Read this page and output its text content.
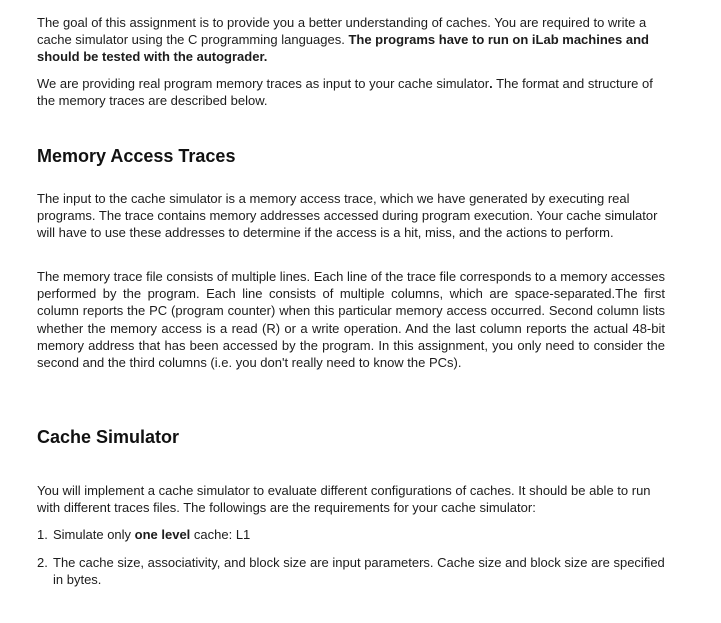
The goal of this assignment is to provide you a better understanding of caches. You are required to write a cache simulator using the C programming languages. The programs have to run on iLab machines and should be tested with the autograder.

We are providing real program memory traces as input to your cache simulator. The format and structure of the memory traces are described below.

Memory Access Traces

The input to the cache simulator is a memory access trace, which we have generated by executing real programs. The trace contains memory addresses accessed during program execution. Your cache simulator will have to use these addresses to determine if the access is a hit, miss, and the actions to perform.

The memory trace file consists of multiple lines. Each line of the trace file corresponds to a memory accesses performed by the program. Each line consists of multiple columns, which are space-separated.The first column reports the PC (program counter) when this particular memory access occurred. Second column lists whether the memory access is a read (R) or a write operation. And the last column reports the actual 48-bit memory address that has been accessed by the program. In this assignment, you only need to consider the second and the third columns (i.e. you don't really need to know the PCs).

Cache Simulator

You will implement a cache simulator to evaluate different configurations of caches. It should be able to run with different traces files. The followings are the requirements for your cache simulator:

1. Simulate only one level cache: L1
2. The cache size, associativity, and block size are input parameters. Cache size and block size are specified in bytes.
